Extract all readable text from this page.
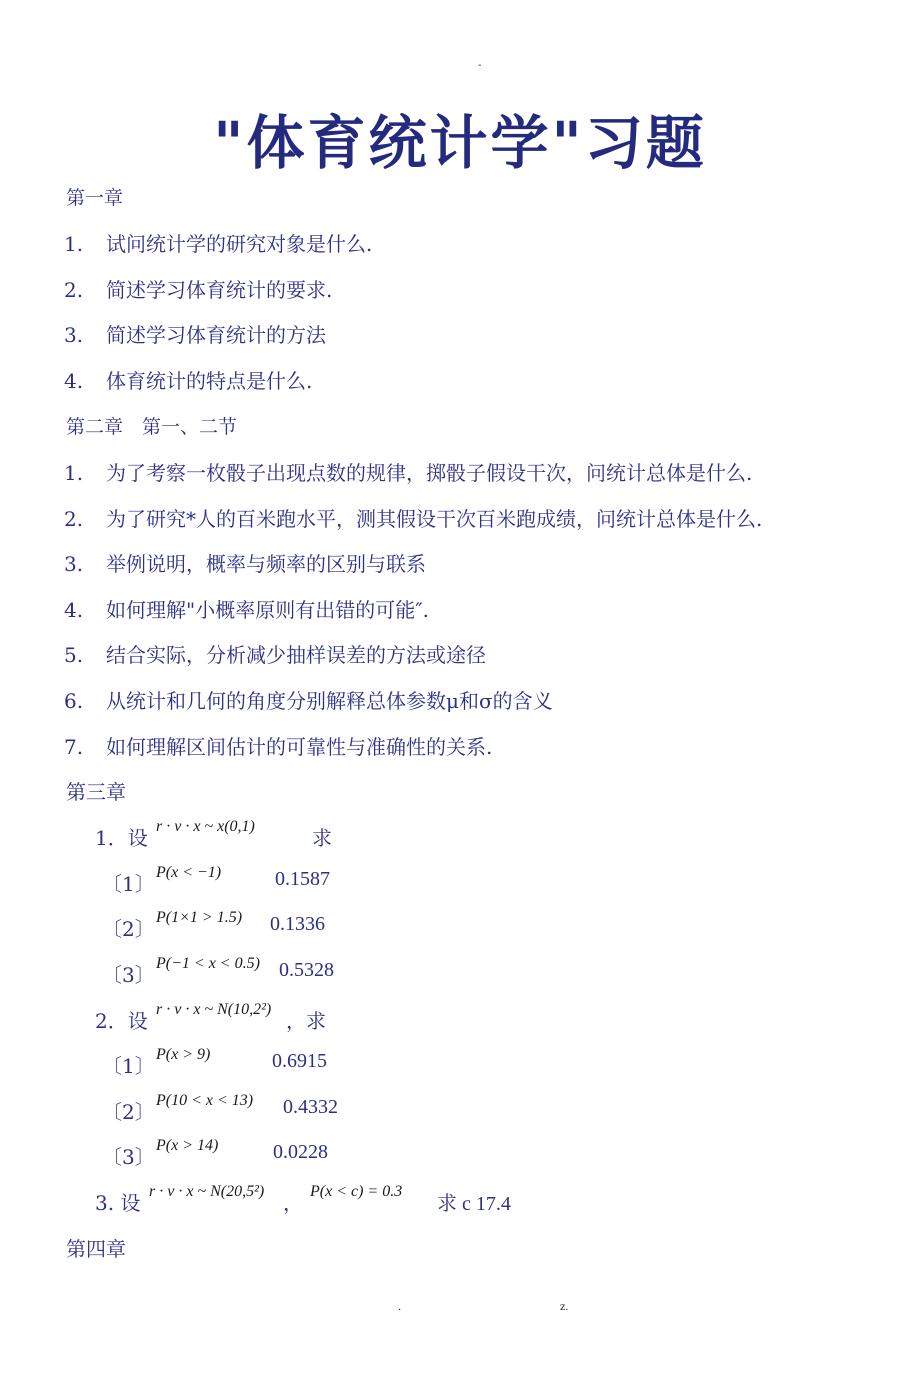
-
"体育统计学"习题
第一章
1. 试问统计学的研究对象是什么.
2. 简述学习体育统计的要求.
3. 简述学习体育统计的方法
4. 体育统计的特点是什么.
第二章　第一、二节
1. 为了考察一枚骰子出现点数的规律，掷骰子假设干次，问统计总体是什么.
2. 为了研究*人的百米跑水平，测其假设干次百米跑成绩，问统计总体是什么.
3. 举例说明，概率与频率的区别与联系
4. 如何理解"小概率原则有出错的可能″.
5. 结合实际，分析减少抽样误差的方法或途径
6. 从统计和几何的角度分别解释总体参数μ和σ的含义
7. 如何理解区间估计的可靠性与准确性的关系.
第三章
1．设 r · v · x ~ x(0,1)	求
〔1〕 P(x < −1)	0.1587
〔2〕 P(1×1 > 1.5) 0.1336
〔3〕 P(−1 < x < 0.5) 0.5328
2．设 r · v · x ~ N(10,2²) ，求
〔1〕 P(x > 9)	0.6915
〔2〕 P(10 < x < 13) 0.4332
〔3〕 P(x > 14)	0.0228
3. 设 r · v · x ~ N(20,5²) ， P(x < c) = 0.3
求 c 17.4
第四章
.	z.
